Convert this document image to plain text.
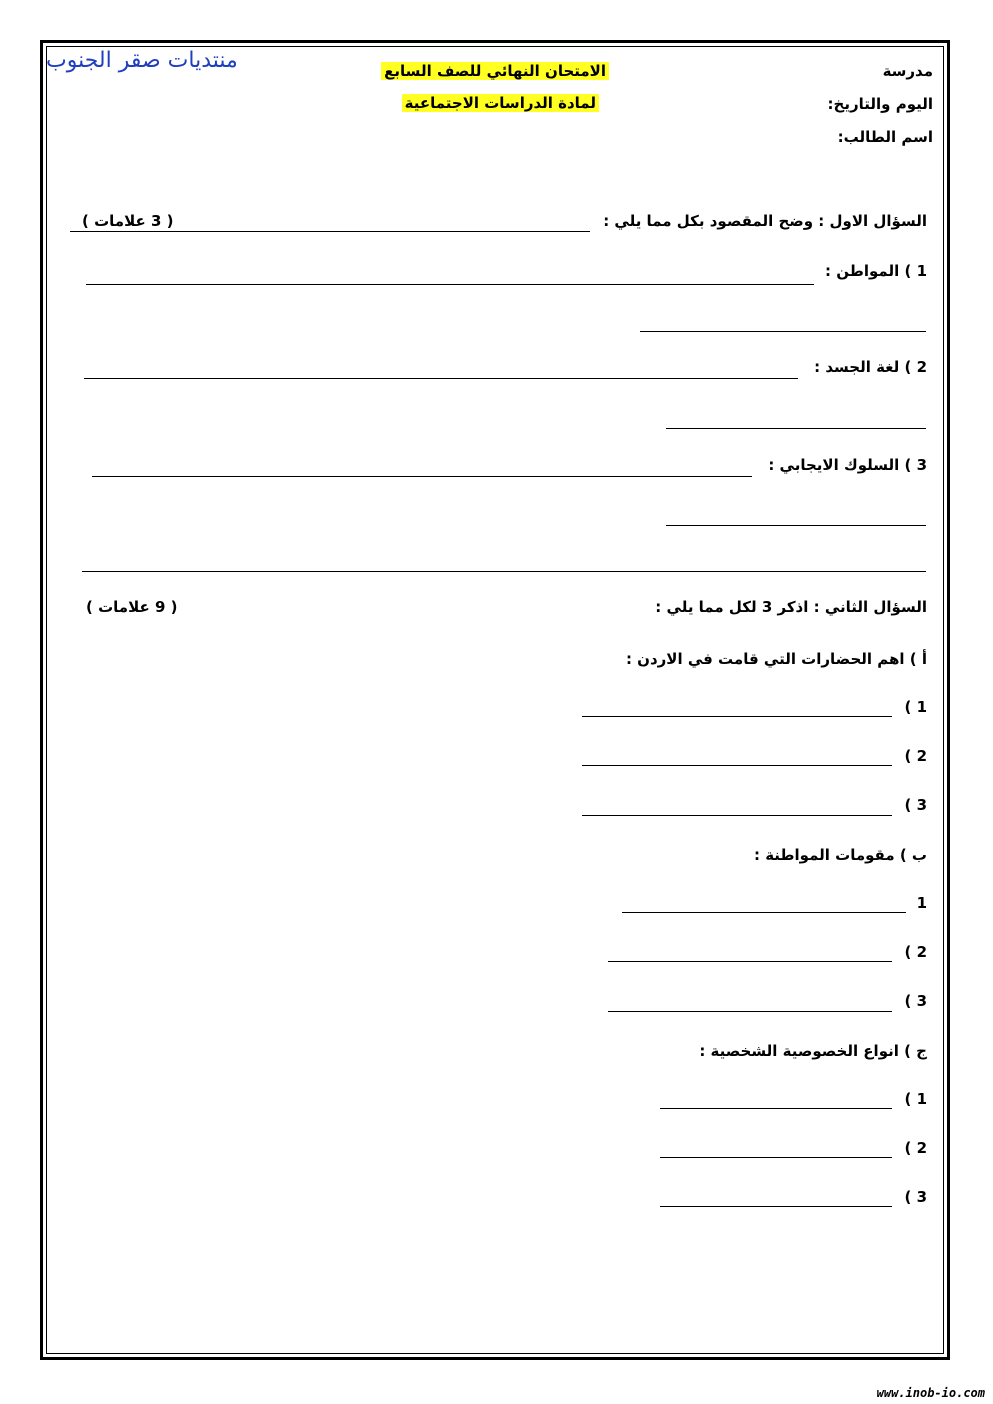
منتديات صقر الجنوب	مدرسة
اليوم والتاريخ:
اسم الطالب:
الامتحان النهائي للصف السابع
لمادة الدراسات الاجتماعية
السؤال الاول : وضح المقصود بكل مما يلي :
( 3 علامات )
1 ) المواطن :
2 ) لغة الجسد :
3 ) السلوك الايجابي :
السؤال الثاني : اذكر 3 لكل مما يلي :
( 9 علامات )
أ ) اهم الحضارات التي قامت في الاردن :
1 )
2 )
3 )
ب ) مقومات المواطنة :
1
2 )
3 )
ج ) انواع الخصوصية الشخصية :
1 )
2 )
3 )
www.inob-io.com
